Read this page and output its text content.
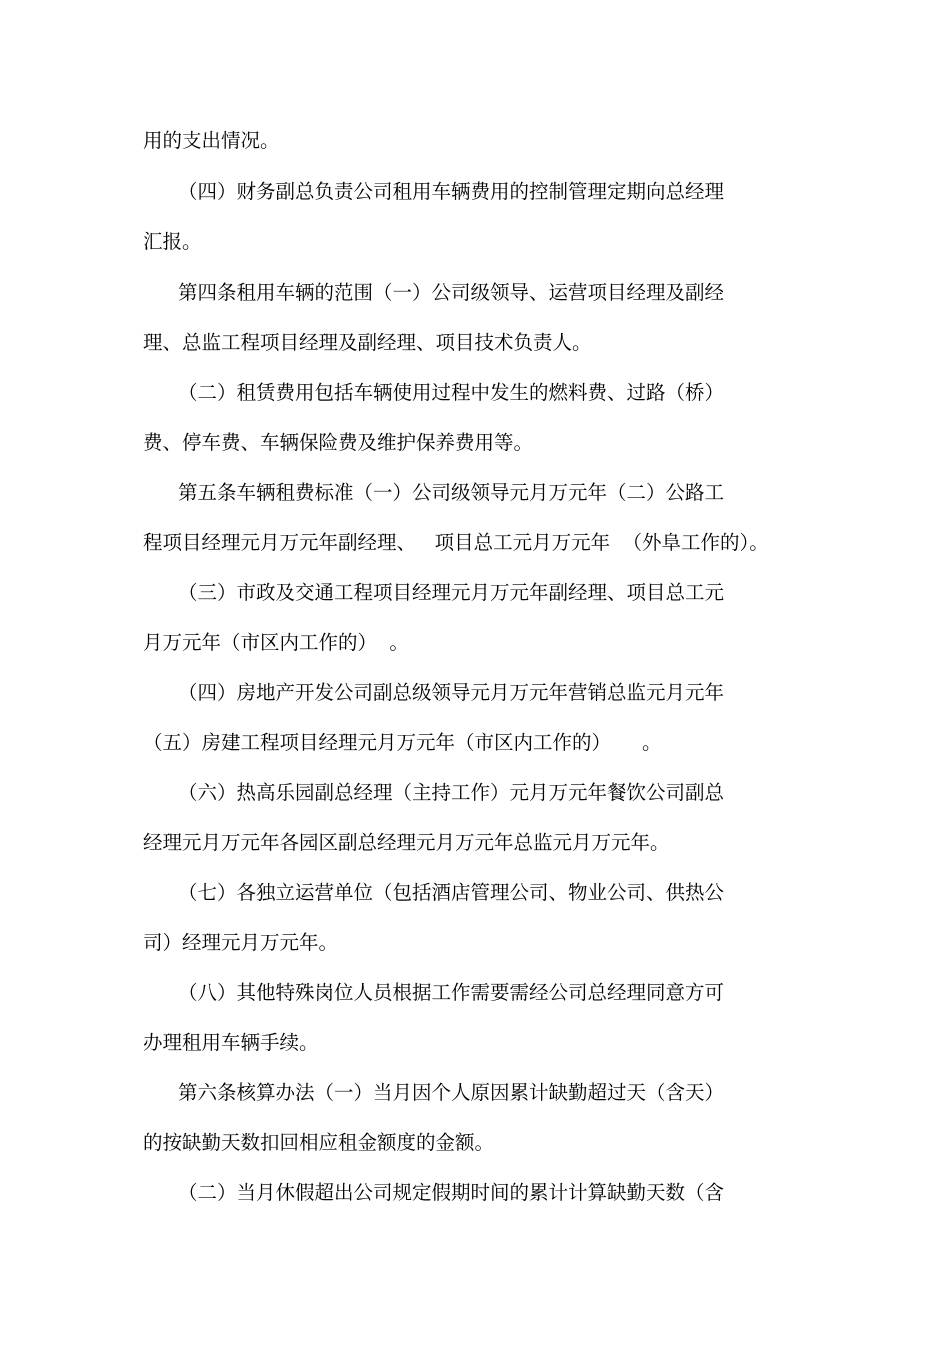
用的支出情况。
（四）财务副总负责公司租用车辆费用的控制管理定期向总经理
汇报。
第四条租用车辆的范围（一）公司级领导、运营项目经理及副经
理、总监工程项目经理及副经理、项目技术负责人。
（二）租赁费用包括车辆使用过程中发生的燃料费、过路（桥）
费、停车费、车辆保险费及维护保养费用等。
第五条车辆租费标准（一）公司级领导元月万元年（二）公路工
程项目经理元月万元年副经理、   项目总工元月万元年  （外阜工作的）。
（三）市政及交通工程项目经理元月万元年副经理、项目总工元
月万元年（市区内工作的）  。
（四）房地产开发公司副总级领导元月万元年营销总监元月元年
（五）房建工程项目经理元月万元年（市区内工作的）     。
（六）热高乐园副总经理（主持工作）元月万元年餐饮公司副总
经理元月万元年各园区副总经理元月万元年总监元月万元年。
（七）各独立运营单位（包括酒店管理公司、物业公司、供热公
司）经理元月万元年。
（八）其他特殊岗位人员根据工作需要需经公司总经理同意方可
办理租用车辆手续。
第六条核算办法（一）当月因个人原因累计缺勤超过天（含天）
的按缺勤天数扣回相应租金额度的金额。
（二）当月休假超出公司规定假期时间的累计计算缺勤天数（含
